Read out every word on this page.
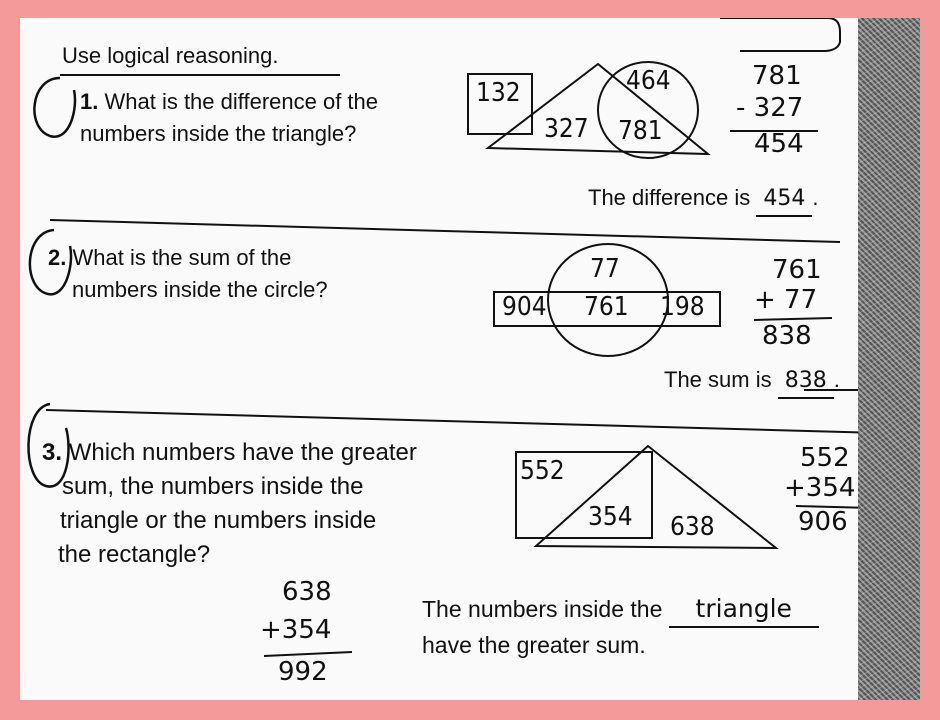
Use logical reasoning.
1. What is the difference of the
numbers inside the triangle?
132	464
327 781
781
- 327
454
The difference is 454 .
2. What is the sum of the
numbers inside the circle?
77
904 761 198
761
+ 77
838
The sum is 838 .
3. Which numbers have the greater
sum, the numbers inside the
triangle or the numbers inside
the rectangle?
552
354 638
552
+354
906
638
+354
992
The numbers inside the triangle
have the greater sum.
